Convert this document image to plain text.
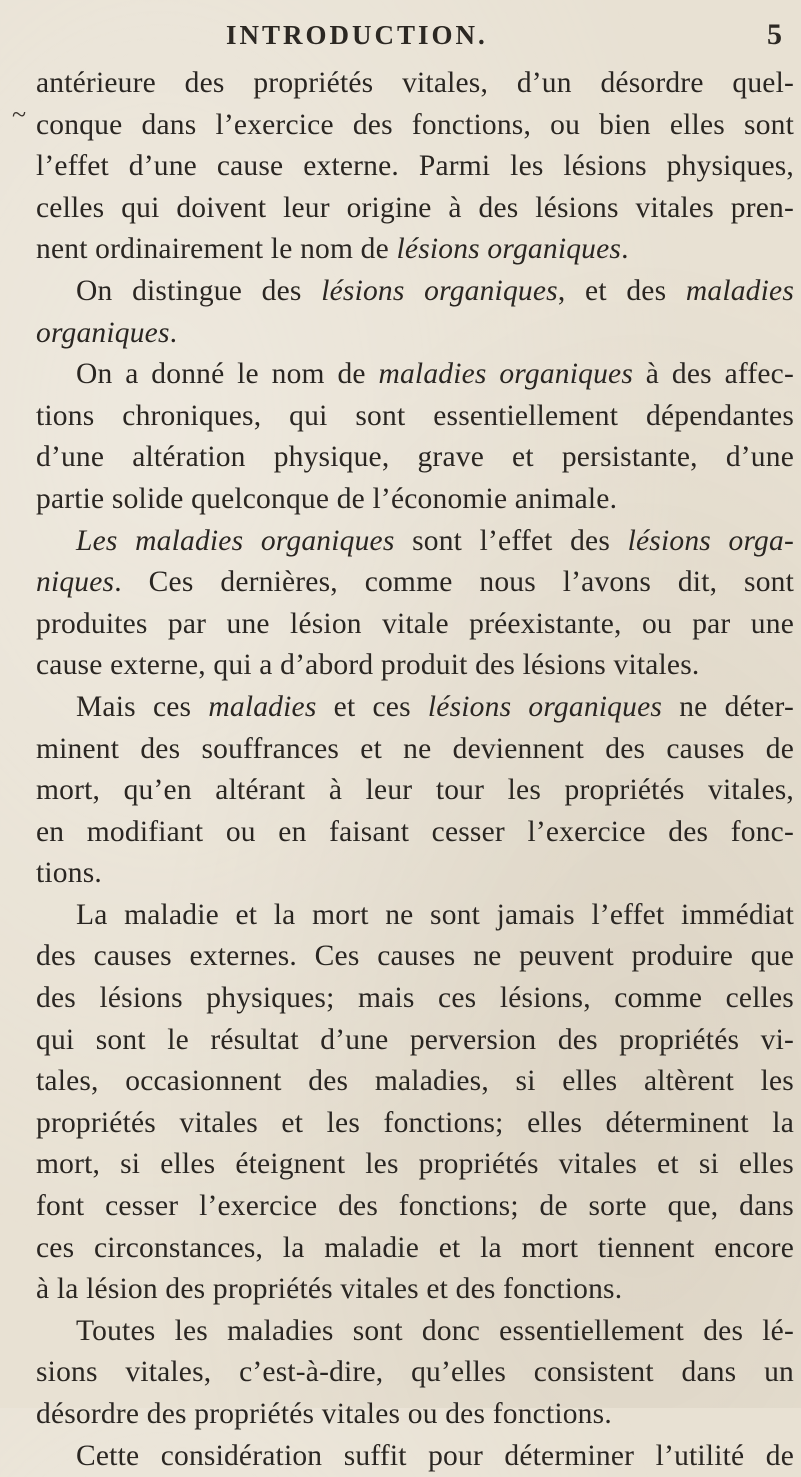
INTRODUCTION.	5
~
antérieure des propriétés vitales, d’un désordre quel-
conque dans l’exercice des fonctions, ou bien elles sont
l’effet d’une cause externe. Parmi les lésions physiques,
celles qui doivent leur origine à des lésions vitales pren-
nent ordinairement le nom de lésions organiques.
On distingue des lésions organiques, et des maladies
organiques.
On a donné le nom de maladies organiques à des affec-
tions chroniques, qui sont essentiellement dépendantes
d’une altération physique, grave et persistante, d’une
partie solide quelconque de l’économie animale.
Les maladies organiques sont l’effet des lésions orga-
niques. Ces dernières, comme nous l’avons dit, sont
produites par une lésion vitale préexistante, ou par une
cause externe, qui a d’abord produit des lésions vitales.
Mais ces maladies et ces lésions organiques ne déter-
minent des souffrances et ne deviennent des causes de
mort, qu’en altérant à leur tour les propriétés vitales,
en modifiant ou en faisant cesser l’exercice des fonc-
tions.
La maladie et la mort ne sont jamais l’effet immédiat
des causes externes. Ces causes ne peuvent produire que
des lésions physiques; mais ces lésions, comme celles
qui sont le résultat d’une perversion des propriétés vi-
tales, occasionnent des maladies, si elles altèrent les
propriétés vitales et les fonctions; elles déterminent la
mort, si elles éteignent les propriétés vitales et si elles
font cesser l’exercice des fonctions; de sorte que, dans
ces circonstances, la maladie et la mort tiennent encore
à la lésion des propriétés vitales et des fonctions.
Toutes les maladies sont donc essentiellement des lé-
sions vitales, c’est-à-dire, qu’elles consistent dans un
désordre des propriétés vitales ou des fonctions.
Cette considération suffit pour déterminer l’utilité de
